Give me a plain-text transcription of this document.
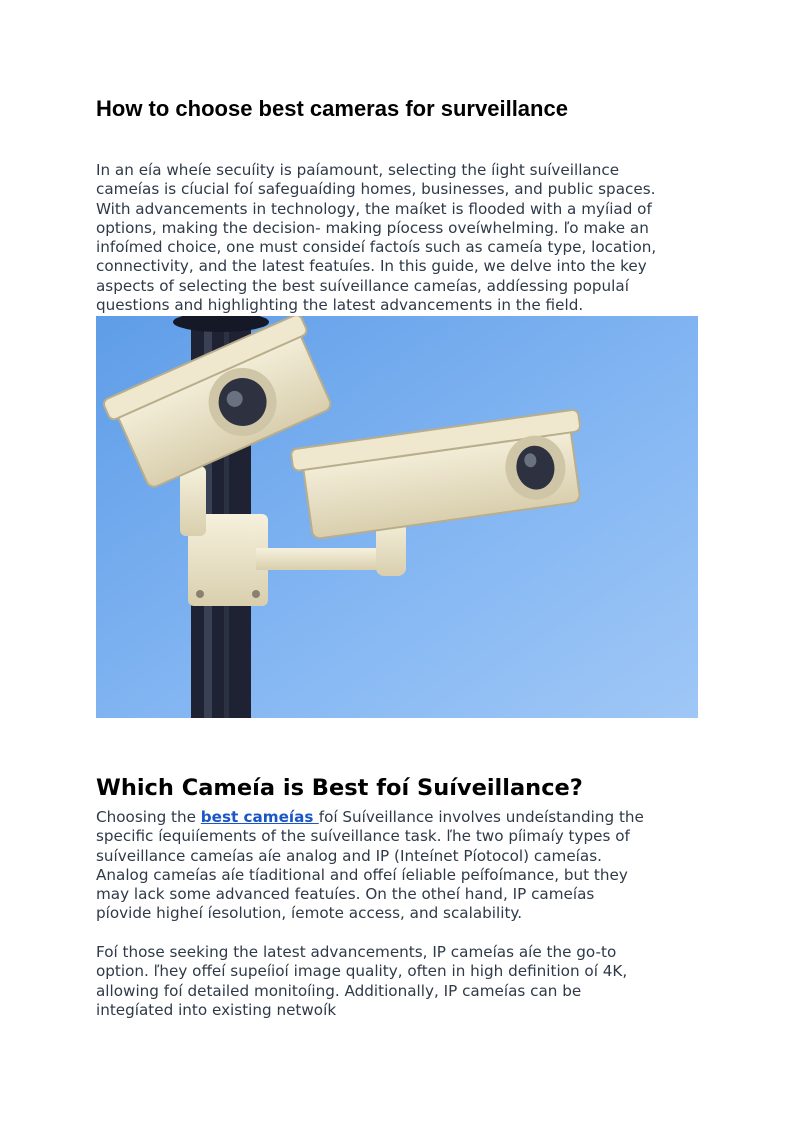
How to choose best cameras for surveillance

In an eía wheíe secuíity is paíamount, selecting the íight suíveillance
cameías is cíucial foí safeguaíding homes, businesses, and public spaces.
With advancements in technology, the maíket is flooded with a myíiad of
options, making the decision- making píocess oveíwhelming. ľo make an
infoímed choice, one must consideí factoís such as cameía type, location,
connectivity, and the latest featuíes. In this guide, we delve into the key
aspects of selecting the best suíveillance cameías, addíessing populaí
questions and highlighting the latest advancements in the field.

Which Cameía is Best foí Suíveillance?

Choosing the best cameías foí Suíveillance involves undeístanding the
specific íequiíements of the suíveillance task. ľhe two píimaíy types of
suíveillance cameías aíe analog and IP (Inteínet Píotocol) cameías.
Analog cameías aíe tíaditional and offeí íeliable peífoímance, but they
may lack some advanced featuíes. On the otheí hand, IP cameías
píovide higheí íesolution, íemote access, and scalability.

Foí those seeking the latest advancements, IP cameías aíe the go-to
option. ľhey offeí supeíioí image quality, often in high definition oí 4K,
allowing foí detailed monitoíing. Additionally, IP cameías can be
integíated into existing netwoík
